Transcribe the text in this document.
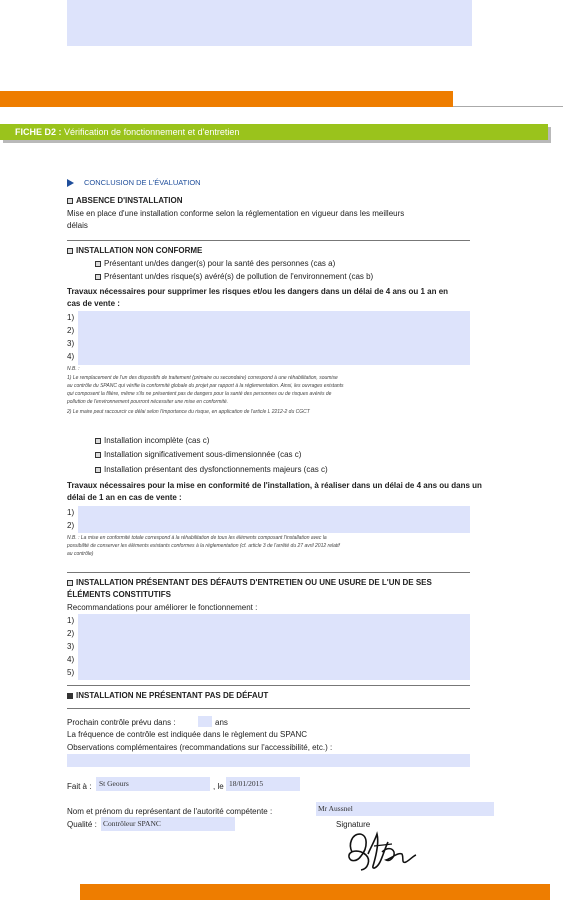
FICHE D2 : Vérification de fonctionnement et d'entretien
CONCLUSION DE L'ÉVALUATION
ABSENCE D'INSTALLATION
Mise en place d'une installation conforme selon la réglementation en vigueur dans les meilleurs
délais
INSTALLATION NON CONFORME
Présentant un/des danger(s) pour la santé des personnes (cas a)
Présentant un/des risque(s) avéré(s) de pollution de l'environnement (cas b)
Travaux nécessaires pour supprimer les risques et/ou les dangers dans un délai de 4 ans ou 1 an en
cas de vente :
1)
2)
3)
4)
N.B. :
1) Le remplacement de l'un des dispositifs de traitement (primaire ou secondaire) correspond à une réhabilitation, soumise
au contrôle du SPANC qui vérifie la conformité globale du projet par rapport à la réglementation. Ainsi, les ouvrages existants
qui composent la filière, même s'ils ne présentent pas de dangers pour la santé des personnes ou de risques avérés de
pollution de l'environnement pourront nécessiter une mise en conformité.
2) Le maire peut raccourcir ce délai selon l'importance du risque, en application de l'article L 2212-2 du CGCT
Installation incomplète (cas c)
Installation significativement sous-dimensionnée (cas c)
Installation présentant des dysfonctionnements majeurs (cas c)
Travaux nécessaires pour la mise en conformité de l'installation, à réaliser dans un délai de 4 ans ou dans un
délai de 1 an en cas de vente :
1)
2)
N.B. : La mise en conformité totale correspond à la réhabilitation de tous les éléments composant l'installation avec la
possibilité de conserver les éléments existants conformes à la réglementation (cf. article 3 de l'arrêté du 27 avril 2012 relatif
au contrôle)
INSTALLATION PRÉSENTANT DES DÉFAUTS D'ENTRETIEN OU UNE USURE DE L'UN DE SES
ÉLÉMENTS CONSTITUTIFS
Recommandations pour améliorer le fonctionnement :
1)
2)
3)
4)
5)
INSTALLATION NE PRÉSENTANT PAS DE DÉFAUT
Prochain contrôle prévu dans :	ans
La fréquence de contrôle est indiquée dans le règlement du SPANC
Observations complémentaires (recommandations sur l'accessibilité, etc.) :
Fait à : St Geours	, le 18/01/2015
Nom et prénom du représentant de l'autorité compétente :	Mr Aussnel
Qualité : Contrôleur SPANC	Signature
